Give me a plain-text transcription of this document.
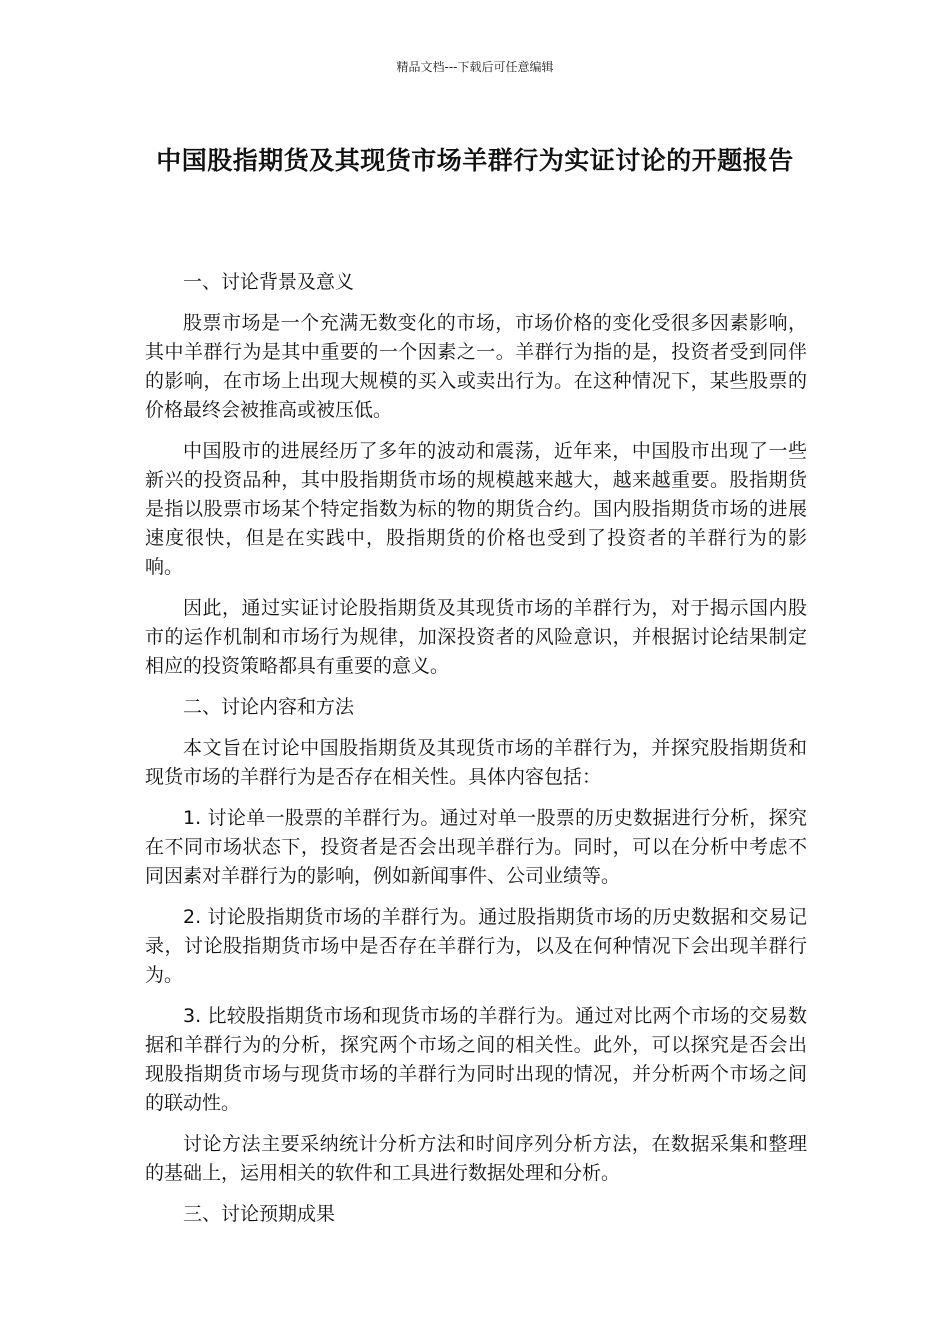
精品文档---下载后可任意编辑
中国股指期货及其现货市场羊群行为实证讨论的开题报告
一、讨论背景及意义

股票市场是一个充满无数变化的市场，市场价格的变化受很多因素影响，其中羊群行为是其中重要的一个因素之一。羊群行为指的是，投资者受到同伴的影响，在市场上出现大规模的买入或卖出行为。在这种情况下，某些股票的价格最终会被推高或被压低。

中国股市的进展经历了多年的波动和震荡，近年来，中国股市出现了一些新兴的投资品种，其中股指期货市场的规模越来越大，越来越重要。股指期货是指以股票市场某个特定指数为标的物的期货合约。国内股指期货市场的进展速度很快，但是在实践中，股指期货的价格也受到了投资者的羊群行为的影响。

因此，通过实证讨论股指期货及其现货市场的羊群行为，对于揭示国内股市的运作机制和市场行为规律，加深投资者的风险意识，并根据讨论结果制定相应的投资策略都具有重要的意义。

二、讨论内容和方法

本文旨在讨论中国股指期货及其现货市场的羊群行为，并探究股指期货和现货市场的羊群行为是否存在相关性。具体内容包括：

1. 讨论单一股票的羊群行为。通过对单一股票的历史数据进行分析，探究在不同市场状态下，投资者是否会出现羊群行为。同时，可以在分析中考虑不同因素对羊群行为的影响，例如新闻事件、公司业绩等。

2. 讨论股指期货市场的羊群行为。通过股指期货市场的历史数据和交易记录，讨论股指期货市场中是否存在羊群行为，以及在何种情况下会出现羊群行为。

3. 比较股指期货市场和现货市场的羊群行为。通过对比两个市场的交易数据和羊群行为的分析，探究两个市场之间的相关性。此外，可以探究是否会出现股指期货市场与现货市场的羊群行为同时出现的情况，并分析两个市场之间的联动性。

讨论方法主要采纳统计分析方法和时间序列分析方法，在数据采集和整理的基础上，运用相关的软件和工具进行数据处理和分析。

三、讨论预期成果
